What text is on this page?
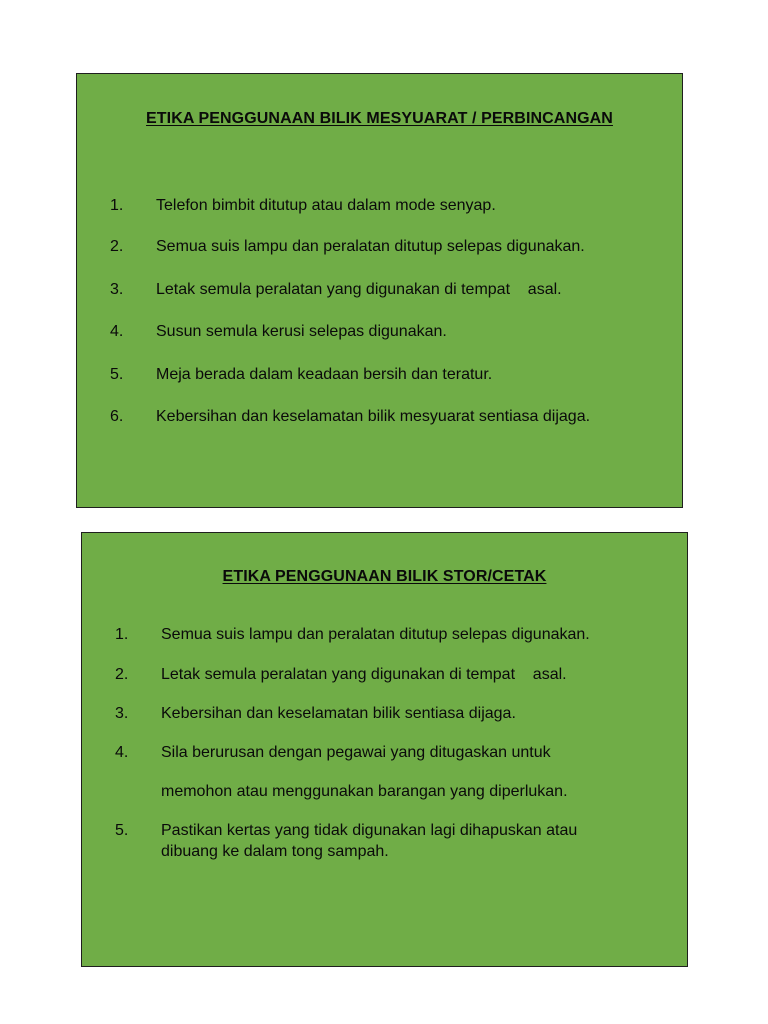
ETIKA PENGGUNAAN BILIK MESYUARAT / PERBINCANGAN

1.

Telefon bimbit ditutup atau dalam mode senyap.

2.

Semua suis lampu dan peralatan ditutup selepas digunakan.

3.

Letak semula peralatan yang digunakan di tempat    asal.

4.

Susun semula kerusi selepas digunakan.

5.

Meja berada dalam keadaan bersih dan teratur.

6.

Kebersihan dan keselamatan bilik mesyuarat sentiasa dijaga.

ETIKA PENGGUNAAN BILIK STOR/CETAK

1.

Semua suis lampu dan peralatan ditutup selepas digunakan.

2.

Letak semula peralatan yang digunakan di tempat    asal.

3.

Kebersihan dan keselamatan bilik sentiasa dijaga.

4.

Sila berurusan dengan pegawai yang ditugaskan untuk

memohon atau menggunakan barangan yang diperlukan.

5.

Pastikan kertas yang tidak digunakan lagi dihapuskan atau

dibuang ke dalam tong sampah.
